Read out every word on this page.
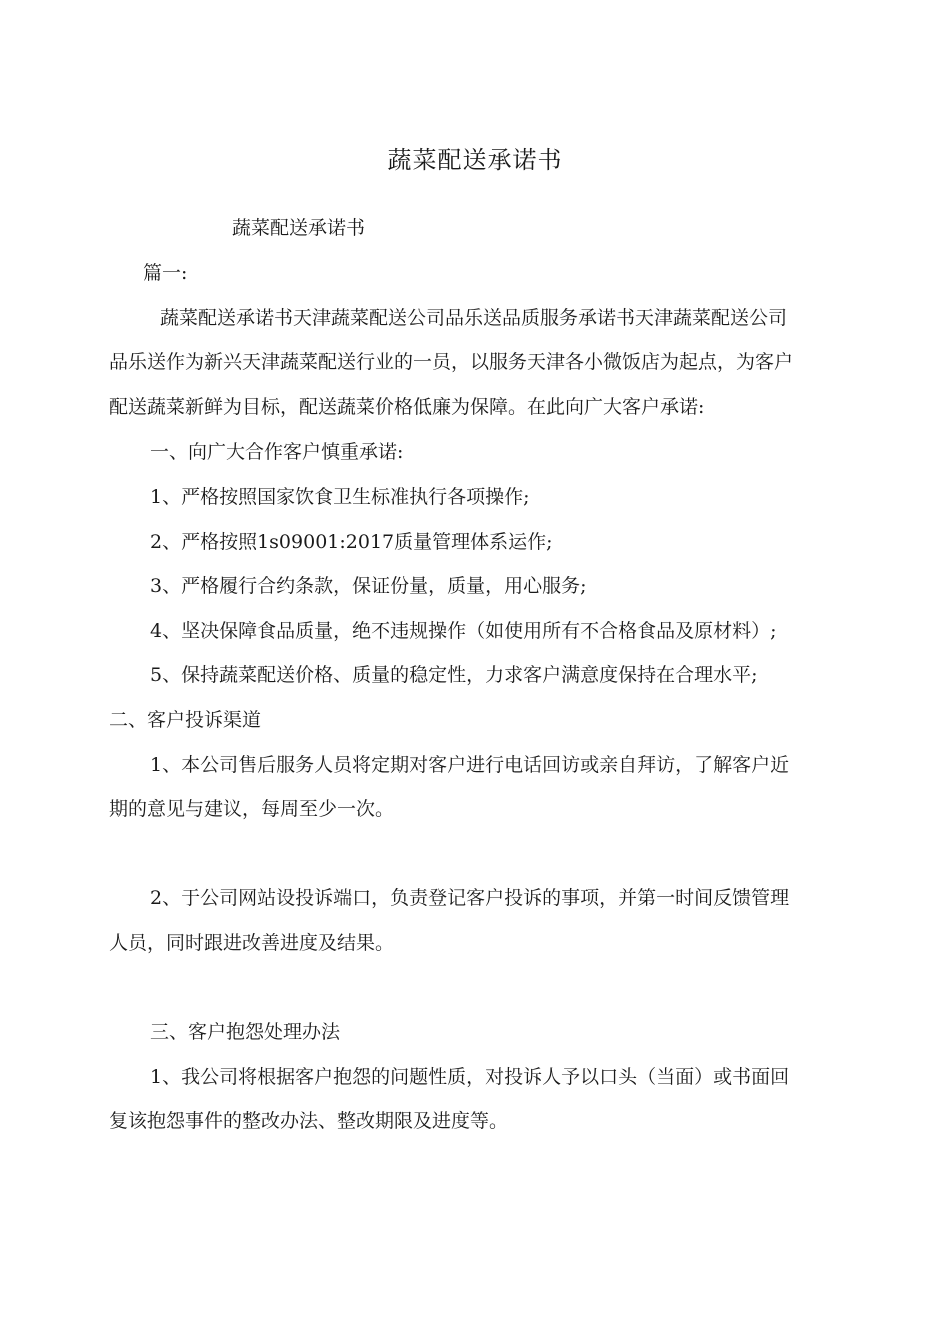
蔬菜配送承诺书
蔬菜配送承诺书
篇一:
蔬菜配送承诺书天津蔬菜配送公司品乐送品质服务承诺书天津蔬菜配送公司
品乐送作为新兴天津蔬菜配送行业的一员，以服务天津各小微饭店为起点，为客户
配送蔬菜新鲜为目标，配送蔬菜价格低廉为保障。在此向广大客户承诺:
一、向广大合作客户慎重承诺:
1、严格按照国家饮食卫生标准执行各项操作;
2、严格按照1s09001:2017质量管理体系运作;
3、严格履行合约条款，保证份量，质量，用心服务;
4、坚决保障食品质量，绝不违规操作（如使用所有不合格食品及原材料）;
5、保持蔬菜配送价格、质量的稳定性，力求客户满意度保持在合理水平;
二、客户投诉渠道
1、本公司售后服务人员将定期对客户进行电话回访或亲自拜访，了解客户近
期的意见与建议，每周至少一次。
2、于公司网站设投诉端口，负责登记客户投诉的事项，并第一时间反馈管理
人员，同时跟进改善进度及结果。
三、客户抱怨处理办法
1、我公司将根据客户抱怨的问题性质，对投诉人予以口头（当面）或书面回
复该抱怨事件的整改办法、整改期限及进度等。
